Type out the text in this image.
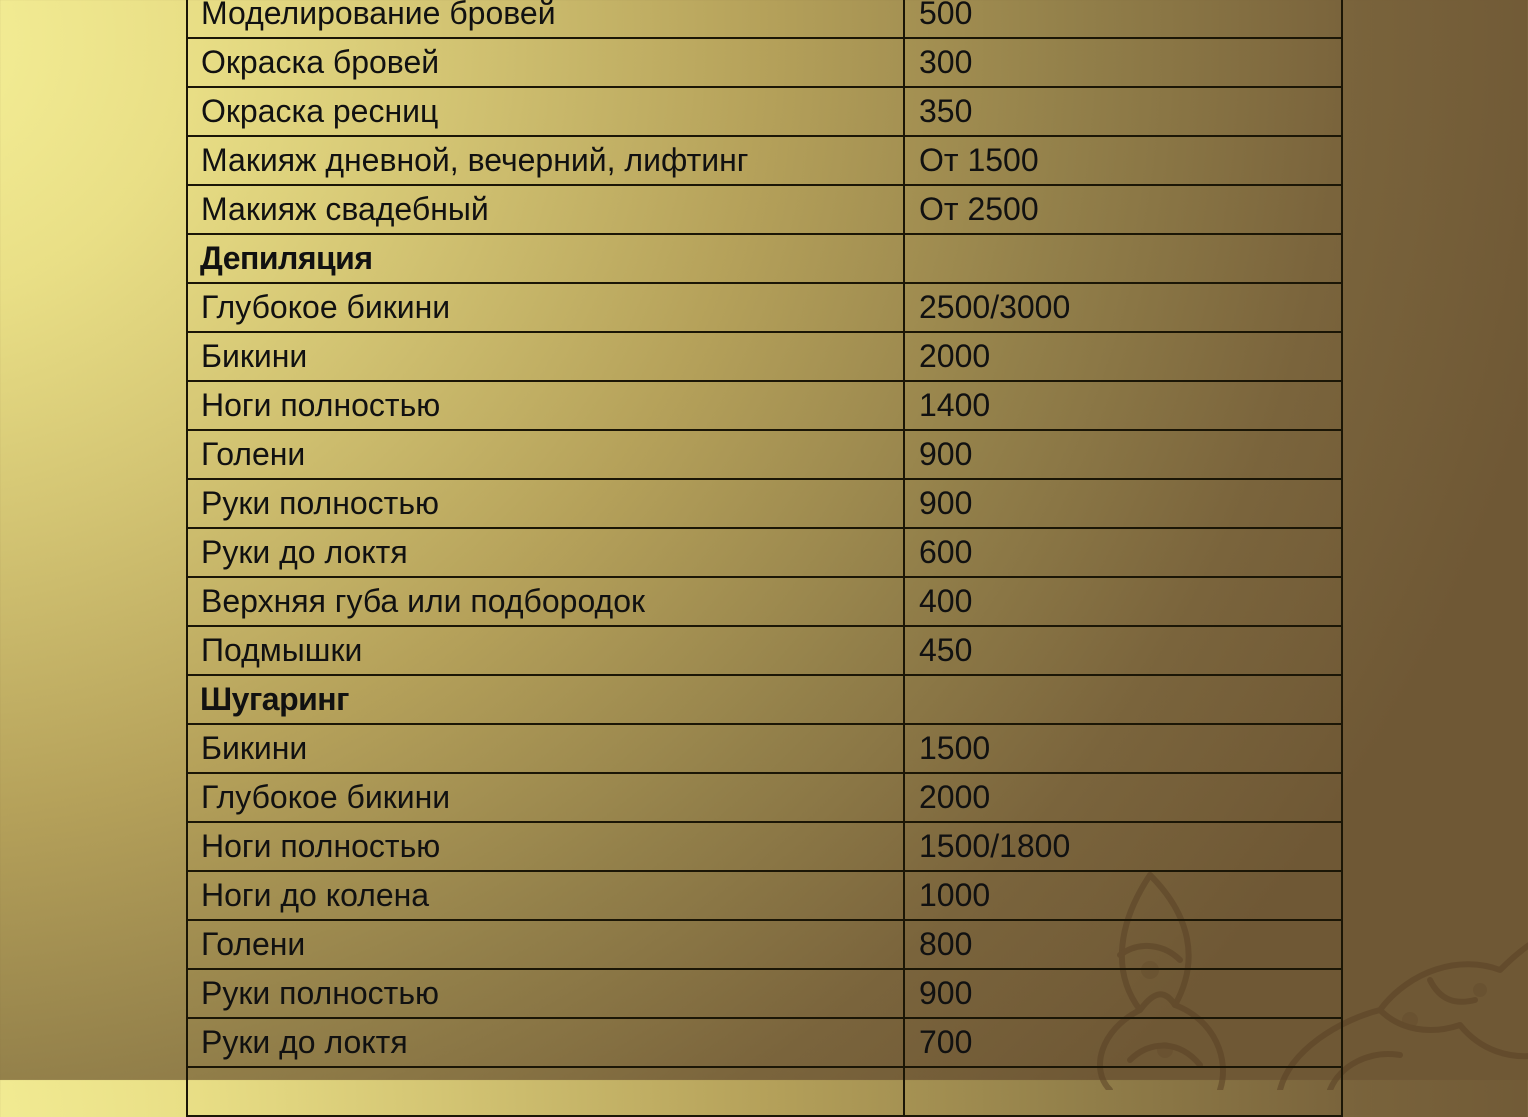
Моделирование бровей	500
Окраска бровей	300
Окраска ресниц	350
Макияж дневной, вечерний, лифтинг	От 1500
Макияж свадебный	От 2500
Депиляция	
Глубокое бикини	2500/3000
Бикини	2000
Ноги полностью	1400
Голени	900
Руки полностью	900
Руки до локтя	600
Верхняя губа или подбородок	400
Подмышки	450
Шугаринг	
Бикини	1500
Глубокое бикини	2000
Ноги полностью	1500/1800
Ноги до колена	1000
Голени	800
Руки полностью	900
Руки до локтя	700
